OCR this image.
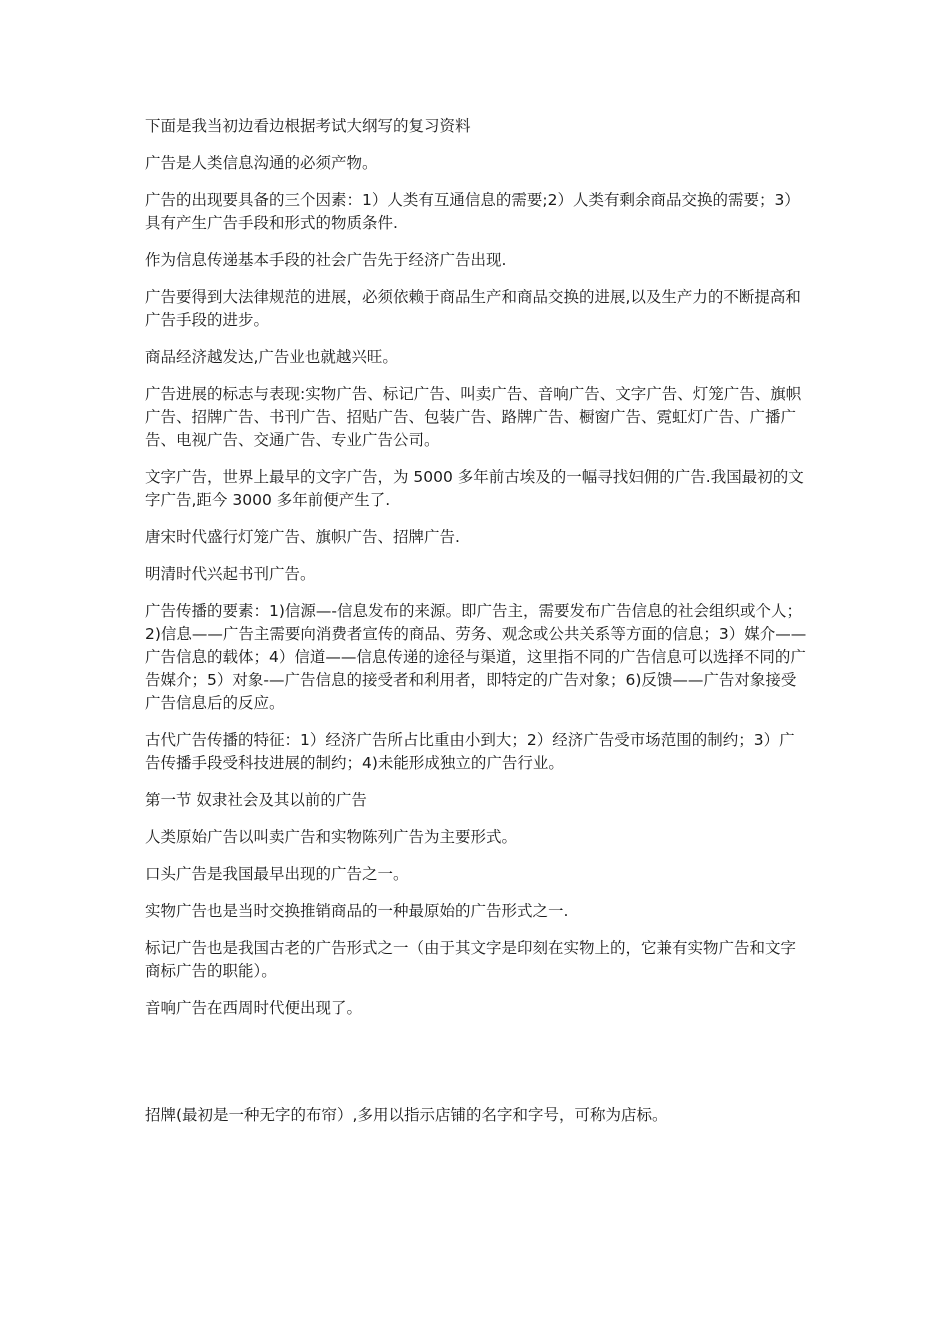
下面是我当初边看边根据考试大纲写的复习资料

广告是人类信息沟通的必须产物。

广告的出现要具备的三个因素：1）人类有互通信息的需要;2）人类有剩余商品交换的需要；3）具有产生广告手段和形式的物质条件.

作为信息传递基本手段的社会广告先于经济广告出现.

广告要得到大法律规范的进展，必须依赖于商品生产和商品交换的进展,以及生产力的不断提高和广告手段的进步。

商品经济越发达,广告业也就越兴旺。

广告进展的标志与表现:实物广告、标记广告、叫卖广告、音响广告、文字广告、灯笼广告、旗帜广告、招牌广告、书刊广告、招贴广告、包装广告、路牌广告、橱窗广告、霓虹灯广告、广播广告、电视广告、交通广告、专业广告公司。

文字广告，世界上最早的文字广告，为 5000 多年前古埃及的一幅寻找妇佣的广告.我国最初的文字广告,距今 3000 多年前便产生了.

唐宋时代盛行灯笼广告、旗帜广告、招牌广告.

明清时代兴起书刊广告。

广告传播的要素：1)信源—-信息发布的来源。即广告主，需要发布广告信息的社会组织或个人；2)信息——广告主需要向消费者宣传的商品、劳务、观念或公共关系等方面的信息；3）媒介——广告信息的载体；4）信道——信息传递的途径与渠道，这里指不同的广告信息可以选择不同的广告媒介；5）对象-—广告信息的接受者和利用者，即特定的广告对象；6)反馈——广告对象接受广告信息后的反应。

古代广告传播的特征：1）经济广告所占比重由小到大；2）经济广告受市场范围的制约；3）广告传播手段受科技进展的制约；4)未能形成独立的广告行业。

第一节 奴隶社会及其以前的广告

人类原始广告以叫卖广告和实物陈列广告为主要形式。

口头广告是我国最早出现的广告之一。

实物广告也是当时交换推销商品的一种最原始的广告形式之一.

标记广告也是我国古老的广告形式之一（由于其文字是印刻在实物上的，它兼有实物广告和文字商标广告的职能）。

音响广告在西周时代便出现了。

招牌(最初是一种无字的布帘）,多用以指示店铺的名字和字号，可称为店标。
